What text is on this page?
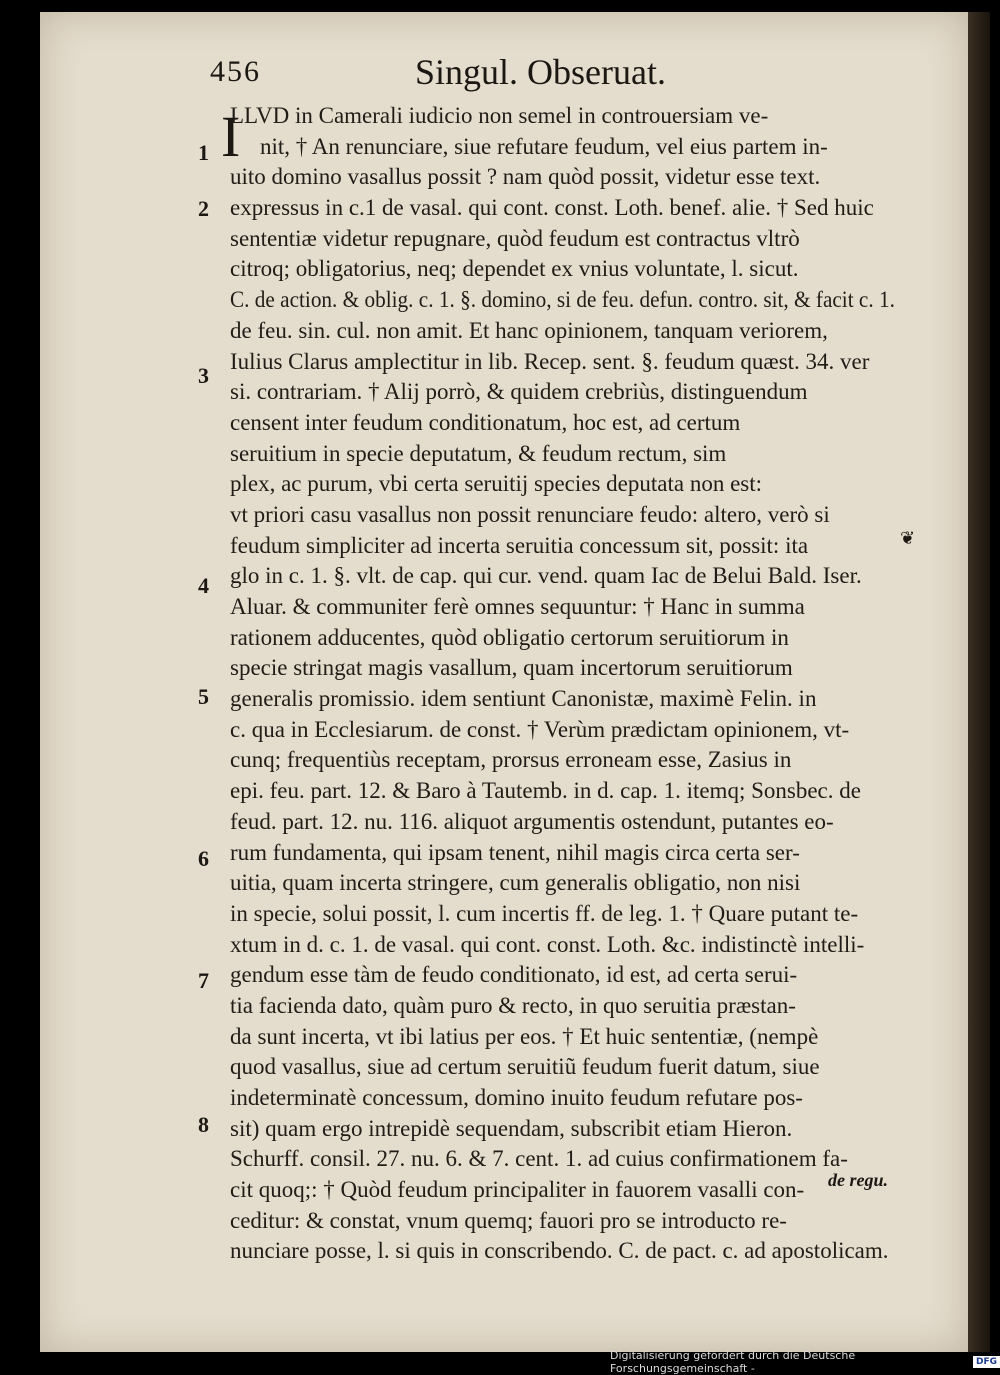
456	Singul. Obseruat.
I
LLVD in Camerali iudicio non semel in controuersiam ve-
nit, † An renunciare, siue refutare feudum, vel eius partem in-
uito domino vasallus possit ? nam quòd possit, videtur esse text.
expressus in c.1 de vasal. qui cont. const. Loth. benef. alie. † Sed huic
sententiæ videtur repugnare, quòd feudum est contractus vltrò
citroq; obligatorius, neq; dependet ex vnius voluntate, l. sicut.
C. de action. & oblig. c. 1. §. domino, si de feu. defun. contro. sit, & facit c. 1.
de feu. sin. cul. non amit. Et hanc opinionem, tanquam veriorem,
Iulius Clarus amplectitur in lib. Recep. sent. §. feudum quæst. 34. ver
si. contrariam. † Alij porrò, & quidem crebriùs, distinguendum
censent inter feudum conditionatum, hoc est, ad certum
seruitium in specie deputatum, & feudum rectum, sim
plex, ac purum, vbi certa seruitij species deputata non est:
vt priori casu vasallus non possit renunciare feudo: altero, verò si
feudum simpliciter ad incerta seruitia concessum sit, possit: ita
glo in c. 1. §. vlt. de cap. qui cur. vend. quam Iac de Belui Bald. Iser.
Aluar. & communiter ferè omnes sequuntur: † Hanc in summa
rationem adducentes, quòd obligatio certorum seruitiorum in
specie stringat magis vasallum, quam incertorum seruitiorum
generalis promissio. idem sentiunt Canonistæ, maximè Felin. in
c. qua in Ecclesiarum. de const. † Verùm prædictam opinionem, vt-
cunq; frequentiùs receptam, prorsus erroneam esse, Zasius in
epi. feu. part. 12. & Baro à Tautemb. in d. cap. 1. itemq; Sonsbec. de
feud. part. 12. nu. 116. aliquot argumentis ostendunt, putantes eo-
rum fundamenta, qui ipsam tenent, nihil magis circa certa ser-
uitia, quam incerta stringere, cum generalis obligatio, non nisi
in specie, solui possit, l. cum incertis ff. de leg. 1. † Quare putant te-
xtum in d. c. 1. de vasal. qui cont. const. Loth. &c. indistinctè intelli-
gendum esse tàm de feudo conditionato, id est, ad certa serui-
tia facienda dato, quàm puro & recto, in quo seruitia præstan-
da sunt incerta, vt ibi latius per eos. † Et huic sententiæ, (nempè
quod vasallus, siue ad certum seruitiũ feudum fuerit datum, siue
indeterminatè concessum, domino inuito feudum refutare pos-
sit) quam ergo intrepidè sequendam, subscribit etiam Hieron.
Schurff. consil. 27. nu. 6. & 7. cent. 1. ad cuius confirmationem fa-
cit quoq;: † Quòd feudum principaliter in fauorem vasalli con-
ceditur: & constat, vnum quemq; fauori pro se introducto re-
nunciare posse, l. si quis in conscribendo. C. de pact. c. ad apostolicam.
1
2
3
4
5
6
7
8
❦
de regu.
Digitalisierung gefördert durch die Deutsche Forschungsgemeinschaft -	DFG
